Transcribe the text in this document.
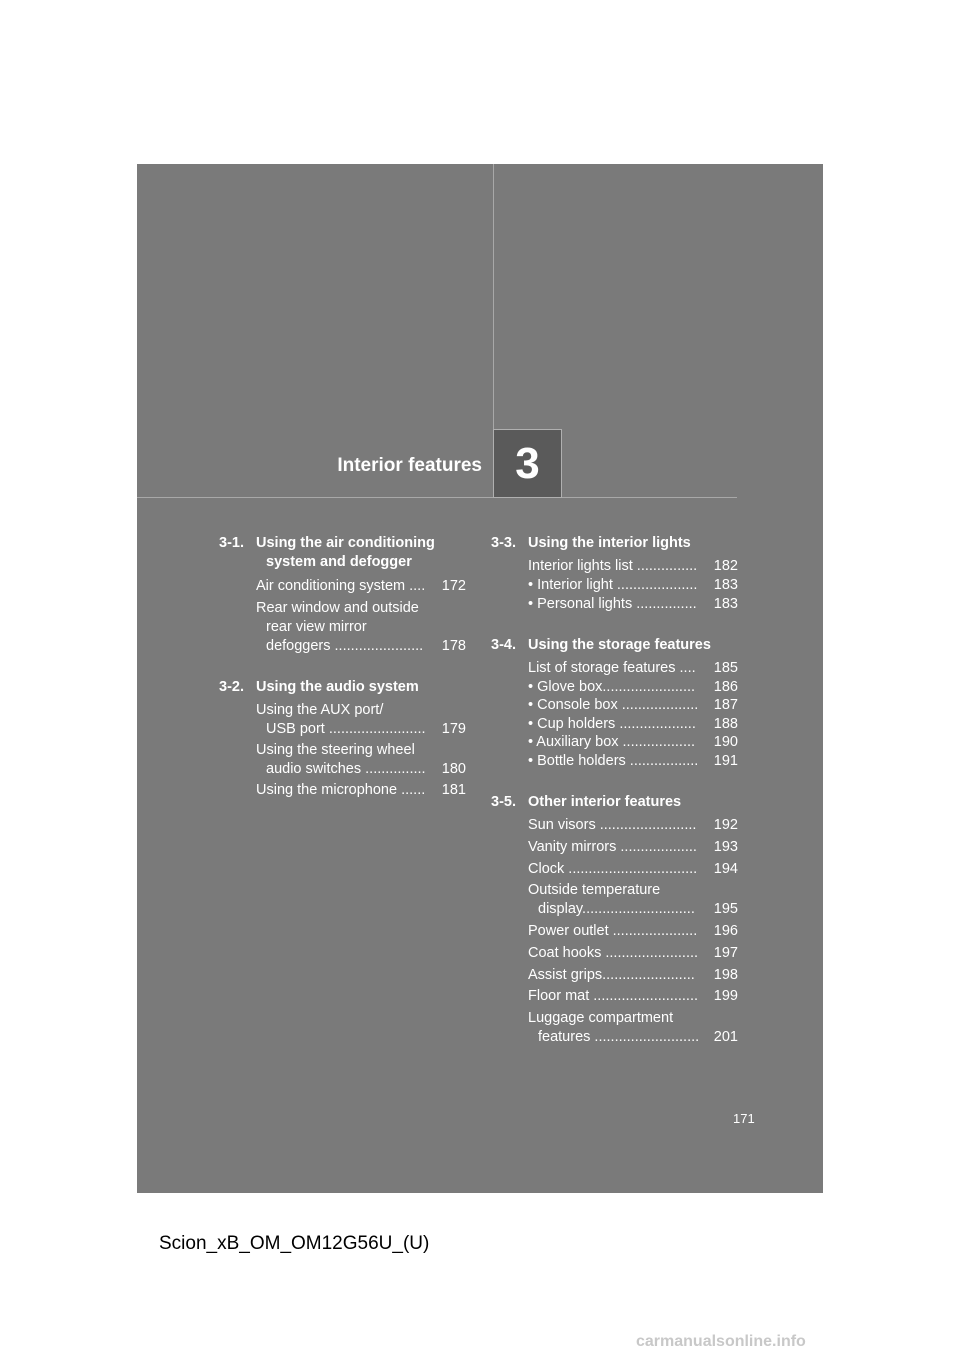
Interior features 3
3-1. Using the air conditioning
system and defogger
Air conditioning system ....	172
Rear window and outside
rear view mirror
defoggers ......................	178
3-2. Using the audio system
Using the AUX port/
USB port ........................	179
Using the steering wheel
audio switches ...............	180
Using the microphone ......	181
3-3. Using the interior lights
Interior lights list ...............	182
• Interior light ....................	183
• Personal lights ...............	183
3-4. Using the storage features
List of storage features ....	185
• Glove box.......................	186
• Console box ...................	187
• Cup holders ...................	188
• Auxiliary box ..................	190
• Bottle holders .................	191
3-5. Other interior features
Sun visors ........................	192
Vanity mirrors ...................	193
Clock ................................	194
Outside temperature
display............................	195
Power outlet .....................	196
Coat hooks .......................	197
Assist grips.......................	198
Floor mat ..........................	199
Luggage compartment
features ..........................	201
171
Scion_xB_OM_OM12G56U_(U)
carmanualsonline.info
